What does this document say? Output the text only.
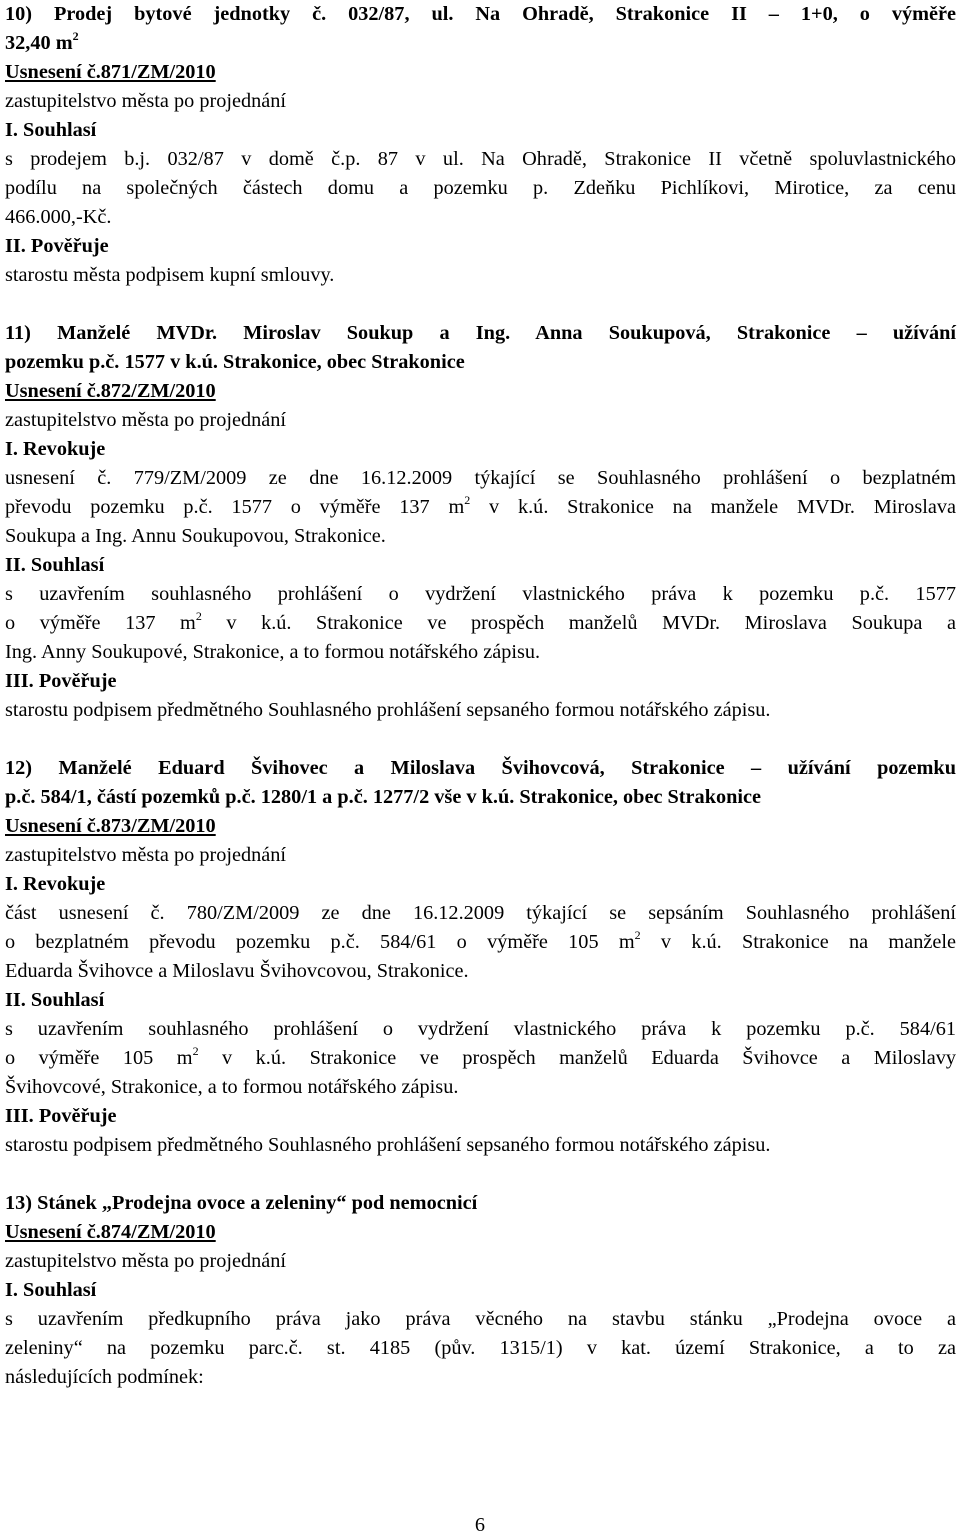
10) Prodej bytové jednotky č. 032/87, ul. Na Ohradě, Strakonice II – 1+0, o výměře

32,40 $m^2$

Usnesení č.871/ZM/2010

zastupitelstvo města po projednání

I. Souhlasí

s prodejem b.j. 032/87 v domě č.p. 87 v ul. Na Ohradě, Strakonice II včetně spoluvlastnického

podílu na společných částech domu a pozemku p. Zdeňku Pichlíkovi, Mirotice, za cenu

466.000,-Kč.

II. Pověřuje

starostu města podpisem kupní smlouvy.

11) Manželé MVDr. Miroslav Soukup a Ing. Anna Soukupová, Strakonice – užívání

pozemku p.č. 1577 v k.ú. Strakonice, obec Strakonice

Usnesení č.872/ZM/2010

zastupitelstvo města po projednání

I. Revokuje

usnesení č. 779/ZM/2009 ze dne 16.12.2009 týkající se Souhlasného prohlášení o bezplatném

převodu pozemku p.č. 1577 o výměře 137 $m^2$ v k.ú. Strakonice na manžele MVDr. Miroslava

Soukupa a Ing. Annu Soukupovou, Strakonice.

II. Souhlasí

s uzavřením souhlasného prohlášení o vydržení vlastnického práva k pozemku p.č. 1577

o výměře 137 $m^2$ v k.ú. Strakonice ve prospěch manželů MVDr. Miroslava Soukupa a

Ing. Anny Soukupové, Strakonice, a to formou notářského zápisu.

III. Pověřuje

starostu podpisem předmětného Souhlasného prohlášení sepsaného formou notářského zápisu.

12) Manželé Eduard Švihovec a Miloslava Švihovcová, Strakonice – užívání pozemku

p.č. 584/1, částí pozemků p.č. 1280/1 a p.č. 1277/2 vše v k.ú. Strakonice, obec Strakonice

Usnesení č.873/ZM/2010

zastupitelstvo města po projednání

I. Revokuje

část usnesení č. 780/ZM/2009 ze dne 16.12.2009 týkající se sepsáním Souhlasného prohlášení

o bezplatném převodu pozemku p.č. 584/61 o výměře 105 $m^2$ v k.ú. Strakonice na manžele

Eduarda Švihovce a Miloslavu Švihovcovou, Strakonice.

II. Souhlasí

s uzavřením souhlasného prohlášení o vydržení vlastnického práva k pozemku p.č. 584/61

o výměře 105 $m^2$ v k.ú. Strakonice ve prospěch manželů Eduarda Švihovce a Miloslavy

Švihovcové, Strakonice, a to formou notářského zápisu.

III. Pověřuje

starostu podpisem předmětného Souhlasného prohlášení sepsaného formou notářského zápisu.

13) Stánek „Prodejna ovoce a zeleniny“ pod nemocnicí

Usnesení č.874/ZM/2010

zastupitelstvo města po projednání

I. Souhlasí

s uzavřením předkupního práva jako práva věcného na stavbu stánku „Prodejna ovoce a

zeleniny“ na pozemku parc.č. st. 4185 (pův. 1315/1) v kat. území Strakonice, a to za

následujících podmínek:

6
